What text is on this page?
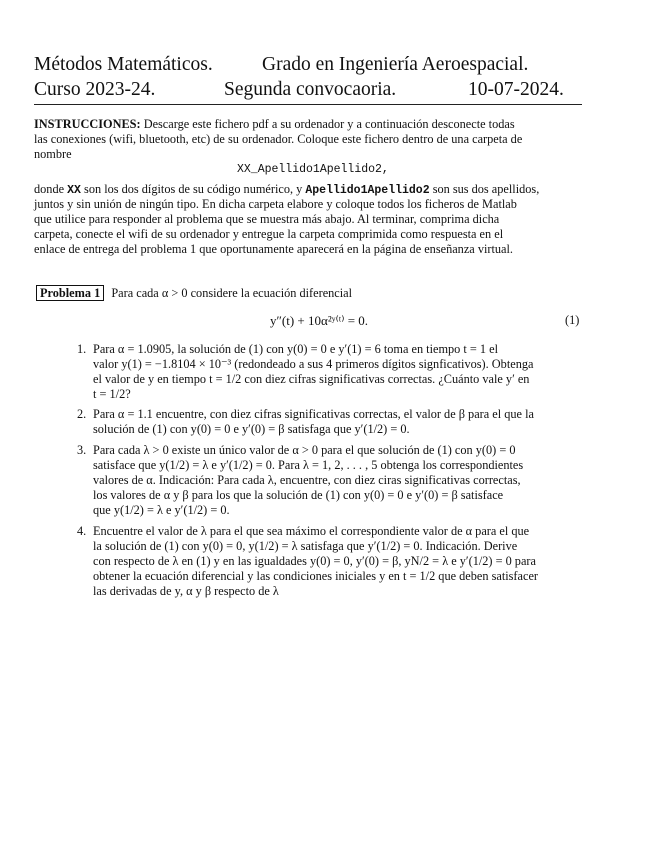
Métodos Matemáticos.	Grado en Ingeniería Aeroespacial.
Curso 2023-24.	Segunda convocaoria.	10-07-2024.
INSTRUCCIONES: Descarge este fichero pdf a su ordenador y a continuación desconecte todas
las conexiones (wifi, bluetooth, etc) de su ordenador. Coloque este fichero dentro de una carpeta de
nombre
XX_Apellido1Apellido2,
donde XX son los dos dígitos de su código numérico, y Apellido1Apellido2 son sus dos apellidos,
juntos y sin unión de ningún tipo. En dicha carpeta elabore y coloque todos los ficheros de Matlab
que utilice para responder al problema que se muestra más abajo. Al terminar, comprima dicha
carpeta, conecte el wifi de su ordenador y entregue la carpeta comprimida como respuesta en el
enlace de entrega del problema 1 que oportunamente aparecerá en la página de enseñanza virtual.
Problema 1 Para cada α > 0 considere la ecuación diferencial
y″(t) + 10α²ʸ⁽ᵗ⁾ = 0.	(1)
1. Para α = 1.0905, la solución de (1) con y(0) = 0 e y′(1) = 6 toma en tiempo t = 1 el
valor y(1) = −1.8104 × 10⁻³ (redondeado a sus 4 primeros dígitos signficativos). Obtenga
el valor de y en tiempo t = 1/2 con diez cifras significativas correctas. ¿Cuánto vale y′ en
t = 1/2?
2. Para α = 1.1 encuentre, con diez cifras significativas correctas, el valor de β para el que la
solución de (1) con y(0) = 0 e y′(0) = β satisfaga que y′(1/2) = 0.
3. Para cada λ > 0 existe un único valor de α > 0 para el que solución de (1) con y(0) = 0
satisface que y(1/2) = λ e y′(1/2) = 0. Para λ = 1, 2, . . . , 5 obtenga los correspondientes
valores de α. Indicación: Para cada λ, encuentre, con diez ciras significativas correctas,
los valores de α y β para los que la solución de (1) con y(0) = 0 e y′(0) = β satisface
que y(1/2) = λ e y′(1/2) = 0.
4. Encuentre el valor de λ para el que sea máximo el correspondiente valor de α para el que
la solución de (1) con y(0) = 0, y(1/2) = λ satisfaga que y′(1/2) = 0. Indicación. Derive
con respecto de λ en (1) y en las igualdades y(0) = 0, y′(0) = β, yN/2 = λ e y′(1/2) = 0 para
obtener la ecuación diferencial y las condiciones iniciales y en t = 1/2 que deben satisfacer
las derivadas de y, α y β respecto de λ
